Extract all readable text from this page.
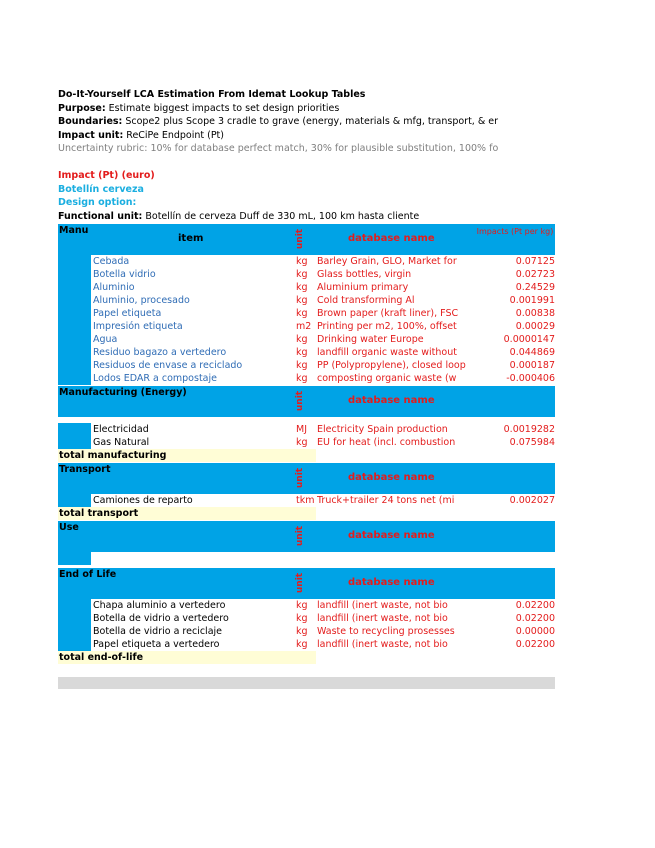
Do-It-Yourself LCA Estimation From Idemat Lookup Tables
Purpose: Estimate biggest impacts to set design priorities
Boundaries: Scope2 plus Scope 3 cradle to grave (energy, materials & mfg, transport, & er
Impact unit: ReCiPe Endpoint (Pt)
Uncertainty rubric: 10% for database perfect match, 30% for plausible substitution, 100% fo
Impact (Pt) (euro)
Botellín cerveza
Design option:
Functional unit: Botellín de cerveza Duff de 330 mL, 100 km hasta cliente
Manu
item	unit	database name
Impacts (Pt per kg)
Cebada	kg Barley Grain, GLO, Market for	0.07125
Botella vidrio	kg Glass bottles, virgin	0.02723
Aluminio	kg Aluminium primary	0.24529
Aluminio, procesado	kg Cold transforming Al	0.001991
Papel etiqueta	kg Brown paper (kraft liner), FSC	0.00838
Impresión etiqueta	m2 Printing per m2, 100%, offset	0.00029
Agua	kg Drinking water Europe	0.0000147
Residuo bagazo a vertedero	kg landfill organic waste without	0.044869
Residuos de envase a reciclado	kg PP (Polypropylene), closed loop	0.000187
Lodos EDAR a compostaje	kg composting organic waste (w	-0.000406
Manufacturing (Energy)	unit	database name
Electricidad	MJ	Electricity Spain production	0.0019282
Gas Natural	kg EU for heat (incl. combustion	0.075984
total manufacturing
Transport	unit	database name
Camiones de reparto	tkm Truck+trailer 24 tons net (mi	0.002027
total transport
Use	unit	database name
End of Life	unit	database name
Chapa aluminio a vertedero	kg landfill (inert waste, not bio	0.02200
Botella de vidrio a vertedero	kg landfill (inert waste, not bio	0.02200
Botella de vidrio a reciclaje	kg Waste to recycling prosesses	0.00000
Papel etiqueta a vertedero	kg landfill (inert waste, not bio	0.02200
total end-of-life
